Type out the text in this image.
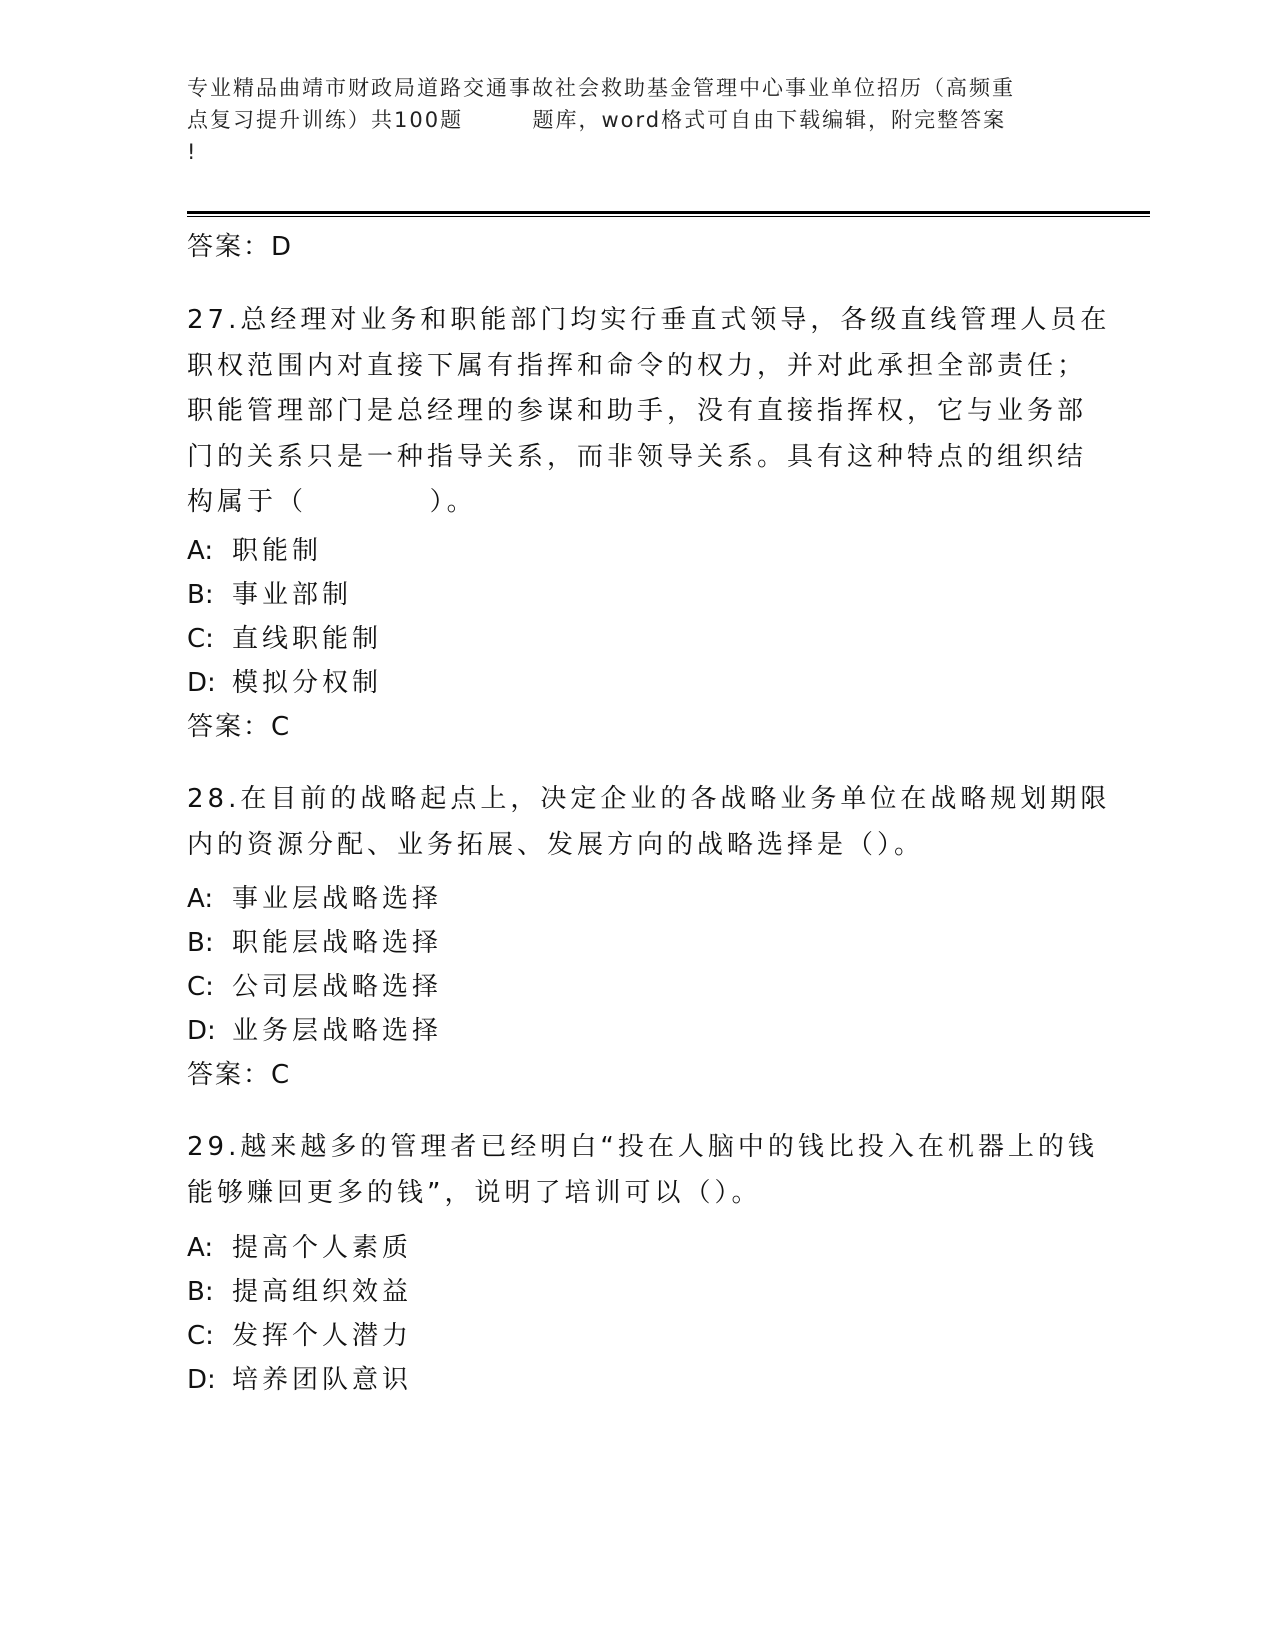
专业精品曲靖市财政局道路交通事故社会救助基金管理中心事业单位招历（高频重
点复习提升训练）共100题        题库，word格式可自由下载编辑，附完整答案
!
答案：D
27.总经理对业务和职能部门均实行垂直式领导，各级直线管理人员在
职权范围内对直接下属有指挥和命令的权力，并对此承担全部责任；
职能管理部门是总经理的参谋和助手，没有直接指挥权，它与业务部
门的关系只是一种指导关系，而非领导关系。具有这种特点的组织结
构属于（          ）。
A: 职能制
B: 事业部制
C: 直线职能制
D: 模拟分权制
答案：C
28.在目前的战略起点上，决定企业的各战略业务单位在战略规划期限
内的资源分配、业务拓展、发展方向的战略选择是（）。
A: 事业层战略选择
B: 职能层战略选择
C: 公司层战略选择
D: 业务层战略选择
答案：C
29.越来越多的管理者已经明白“投在人脑中的钱比投入在机器上的钱
能够赚回更多的钱”，说明了培训可以（）。
A: 提高个人素质
B: 提高组织效益
C: 发挥个人潜力
D: 培养团队意识
